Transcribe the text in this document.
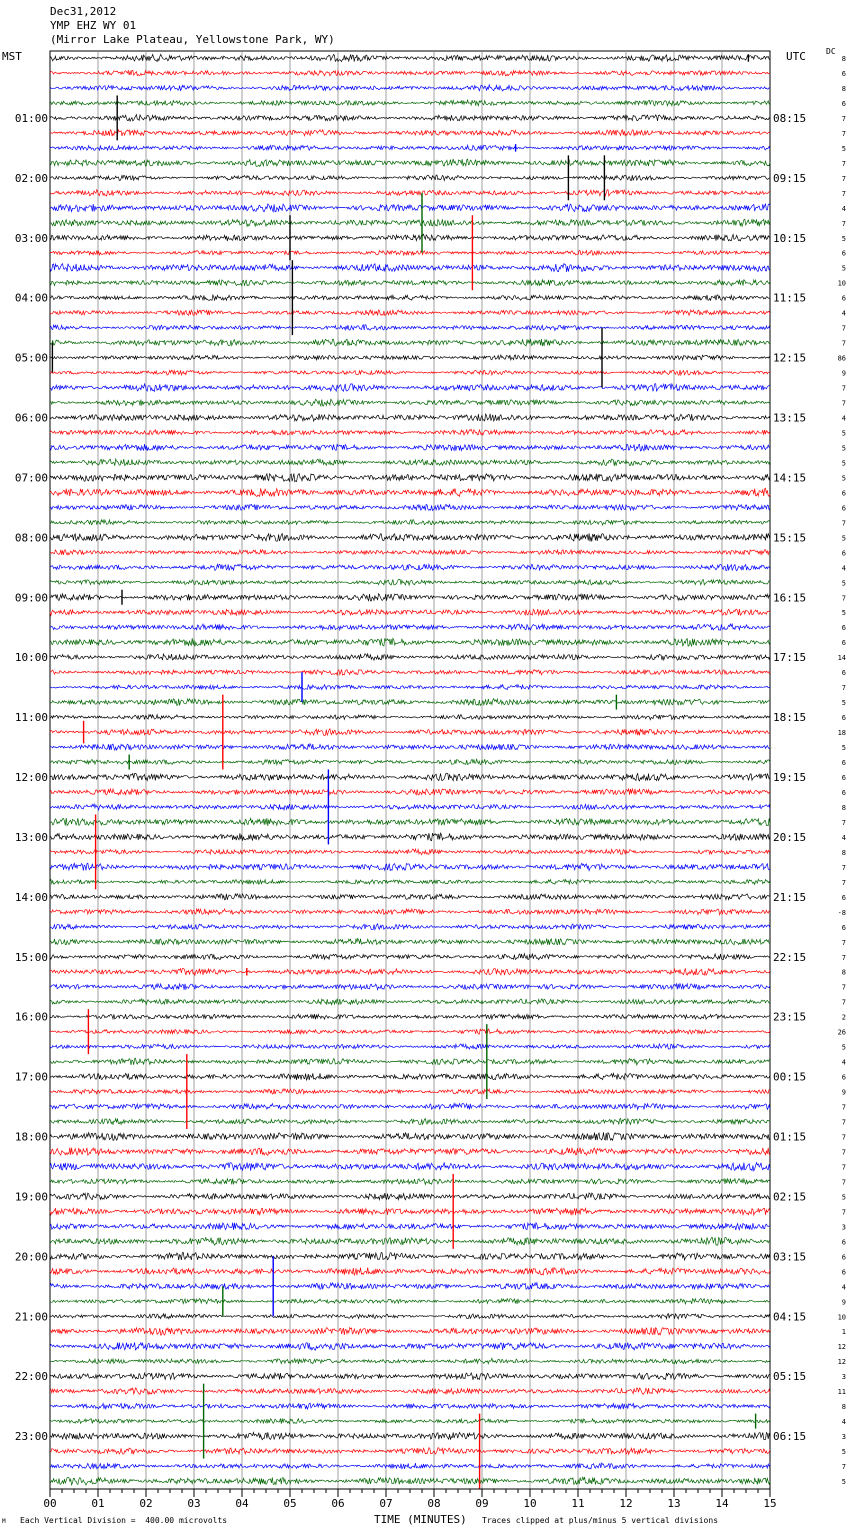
Dec31,2012
YMP EHZ WY 01
(Mirror Lake Plateau, Yellowstone Park, WY)
MST	UTC	DC
00	01	02	03	04	05	06	07	08	09	10	11	12	13	14	15
8
6
8
6
7
7
5
7
7
7
4
7
5
6
5
10
6
4
7
7
86
9
7
7
4
5
5
5
5
6
6
7
5
6
4
5
7
5
6
6
14
6
7
5
6
18
5
6
6
6
8
7
4
8
7
7
6
-8
6
7
7
8
7
7
2
26
5
4
6
9
7
7
7
7
7
7
5
7
3
6
6
6
4
9
10
1
12
12
3
11
8
4
3
5
7
5
01:00	08:15
02:00	09:15
03:00	10:15
04:00	11:15
05:00	12:15
06:00	13:15
07:00	14:15
08:00	15:15
09:00	16:15
10:00	17:15
11:00	18:15
12:00	19:15
13:00	20:15
14:00	21:15
15:00	22:15
16:00	23:15
17:00	00:15
18:00	01:15
19:00	02:15
20:00	03:15
21:00	04:15
22:00	05:15
23:00	06:15
M Each Vertical Division =  400.00 microvolts	TIME (MINUTES) Traces clipped at plus/minus 5 vertical divisions
